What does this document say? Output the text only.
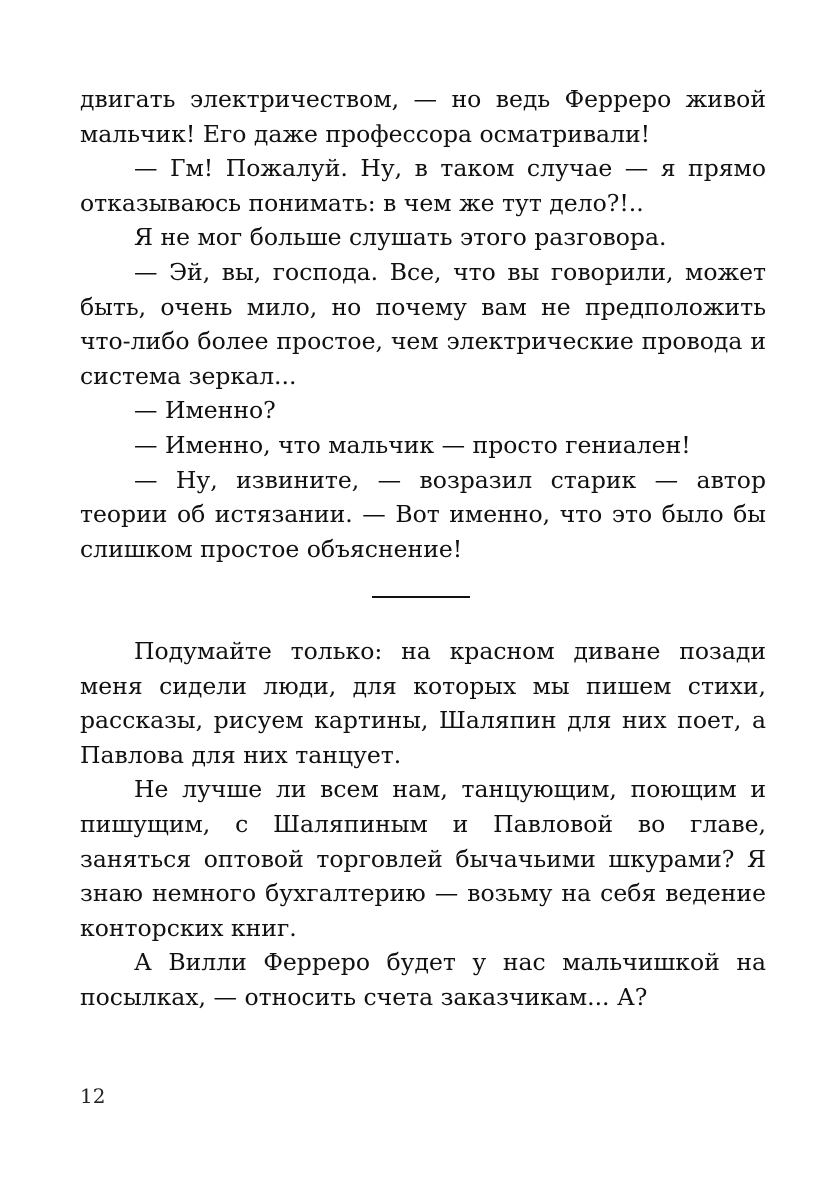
двигать электричеством, — но ведь Ферреро живой мальчик! Его даже профессора осматривали!

— Гм! Пожалуй. Ну, в таком случае — я прямо отказываюсь понимать: в чем же тут дело?!..

Я не мог больше слушать этого разговора.

— Эй, вы, господа. Все, что вы говорили, может быть, очень мило, но почему вам не предположить что-либо более простое, чем электрические провода и система зеркал...

— Именно?

— Именно, что мальчик — просто гениален!

— Ну, извините, — возразил старик — автор теории об истязании. — Вот именно, что это было бы слишком простое объяснение!

Подумайте только: на красном диване позади меня сидели люди, для которых мы пишем стихи, рассказы, рисуем картины, Шаляпин для них поет, а Павлова для них танцует.

Не лучше ли всем нам, танцующим, поющим и пишущим, с Шаляпиным и Павловой во главе, заняться оптовой торговлей бычачьими шкурами? Я знаю немного бухгалтерию — возьму на себя ведение конторских книг.

А Вилли Ферреро будет у нас мальчишкой на посылках, — относить счета заказчикам... А?

12
